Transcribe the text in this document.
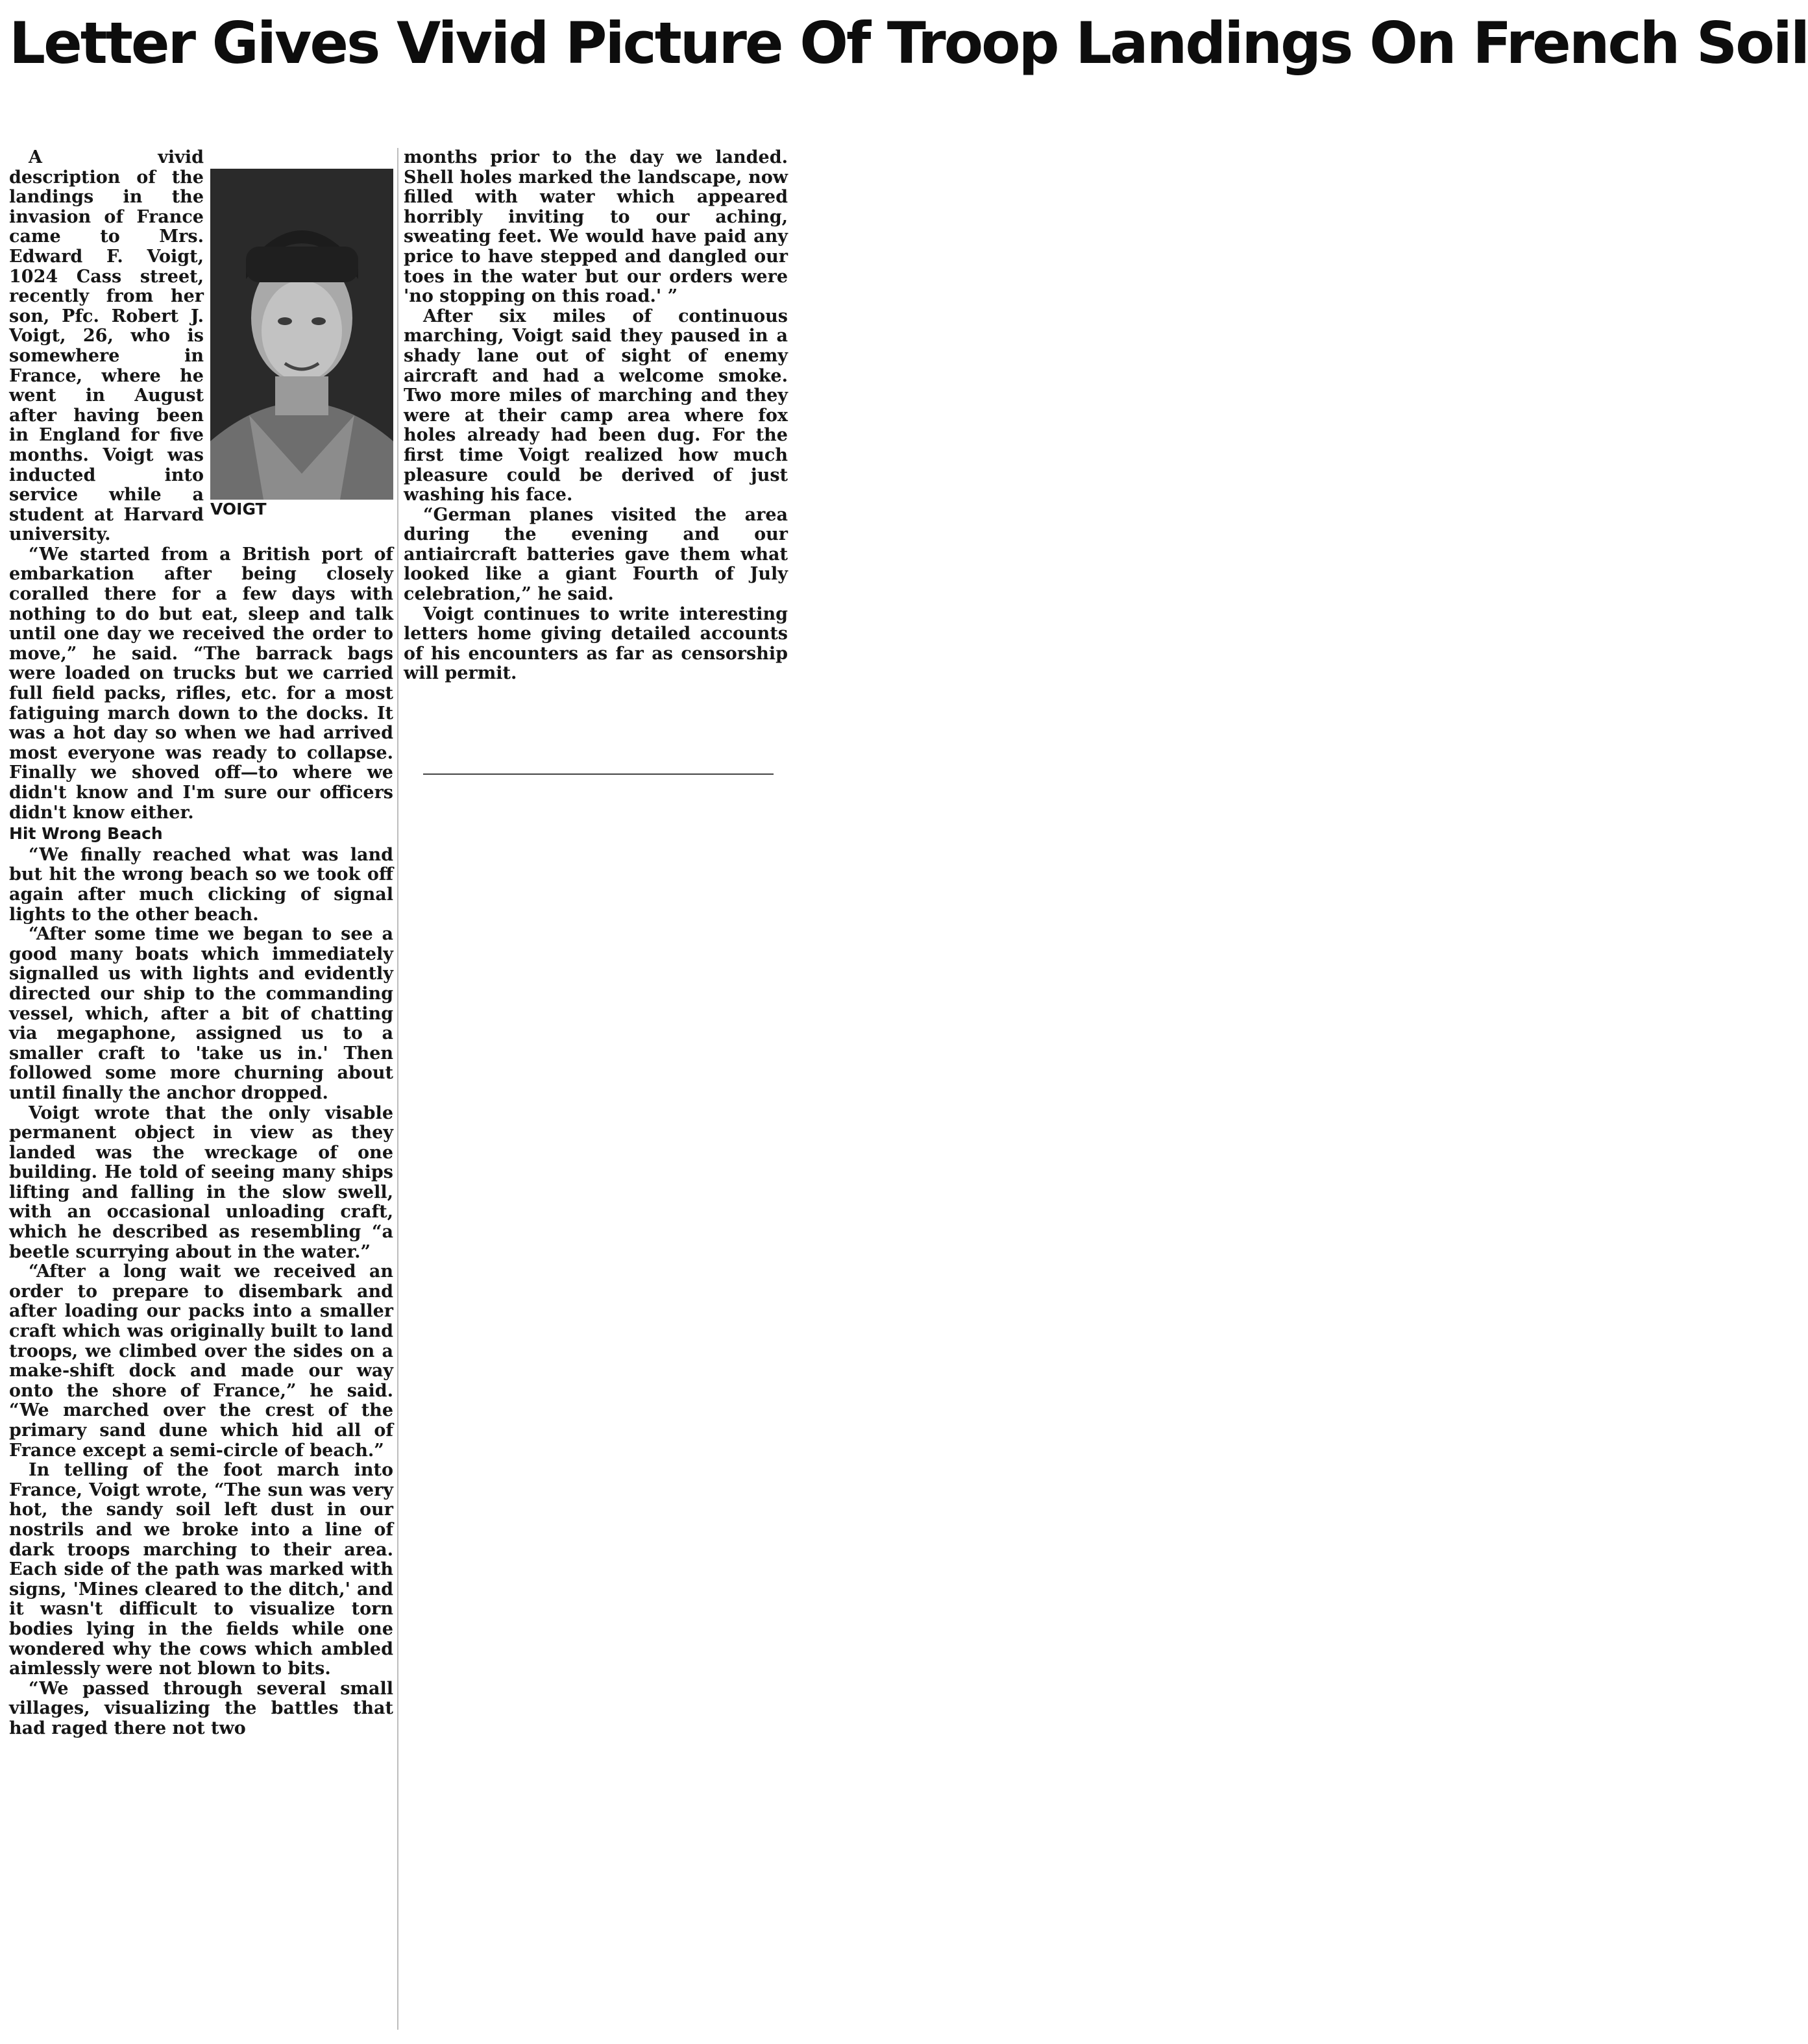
Letter Gives Vivid Picture Of Troop Landings On French Soil

VOIGT
A vivid description of the landings in the invasion of France came to Mrs. Edward F. Voigt, 1024 Cass street, recently from her son, Pfc. Robert J. Voigt, 26, who is somewhere in France, where he went in August after having been in England for five months. Voigt was inducted into service while a student at Harvard university.

“We started from a British port of embarkation after being closely coralled there for a few days with nothing to do but eat, sleep and talk until one day we received the order to move,” he said. “The barrack bags were loaded on trucks but we carried full field packs, rifles, etc. for a most fatiguing march down to the docks. It was a hot day so when we had arrived most everyone was ready to collapse. Finally we shoved off—to where we didn't know and I'm sure our officers didn't know either.

Hit Wrong Beach

“We finally reached what was land but hit the wrong beach so we took off again after much clicking of signal lights to the other beach.

“After some time we began to see a good many boats which immediately signalled us with lights and evidently directed our ship to the commanding vessel, which, after a bit of chatting via megaphone, assigned us to a smaller craft to 'take us in.' Then followed some more churning about until finally the anchor dropped.

Voigt wrote that the only visable permanent object in view as they landed was the wreckage of one building. He told of seeing many ships lifting and falling in the slow swell, with an occasional unloading craft, which he described as resembling “a beetle scurrying about in the water.”

“After a long wait we received an order to prepare to disembark and after loading our packs into a smaller craft which was originally built to land troops, we climbed over the sides on a make-shift dock and made our way onto the shore of France,” he said. “We marched over the crest of the primary sand dune which hid all of France except a semi-circle of beach.”

In telling of the foot march into France, Voigt wrote, “The sun was very hot, the sandy soil left dust in our nostrils and we broke into a line of dark troops marching to their area. Each side of the path was marked with signs, 'Mines cleared to the ditch,' and it wasn't difficult to visualize torn bodies lying in the fields while one wondered why the cows which ambled aimlessly were not blown to bits.

“We passed through several small villages, visualizing the battles that had raged there not two

months prior to the day we landed. Shell holes marked the landscape, now filled with water which appeared horribly inviting to our aching, sweating feet. We would have paid any price to have stepped and dangled our toes in the water but our orders were 'no stopping on this road.' ”

After six miles of continuous marching, Voigt said they paused in a shady lane out of sight of enemy aircraft and had a welcome smoke. Two more miles of marching and they were at their camp area where fox holes already had been dug. For the first time Voigt realized how much pleasure could be derived of just washing his face.

“German planes visited the area during the evening and our antiaircraft batteries gave them what looked like a giant Fourth of July celebration,” he said.

Voigt continues to write interesting letters home giving detailed accounts of his encounters as far as censorship will permit.
